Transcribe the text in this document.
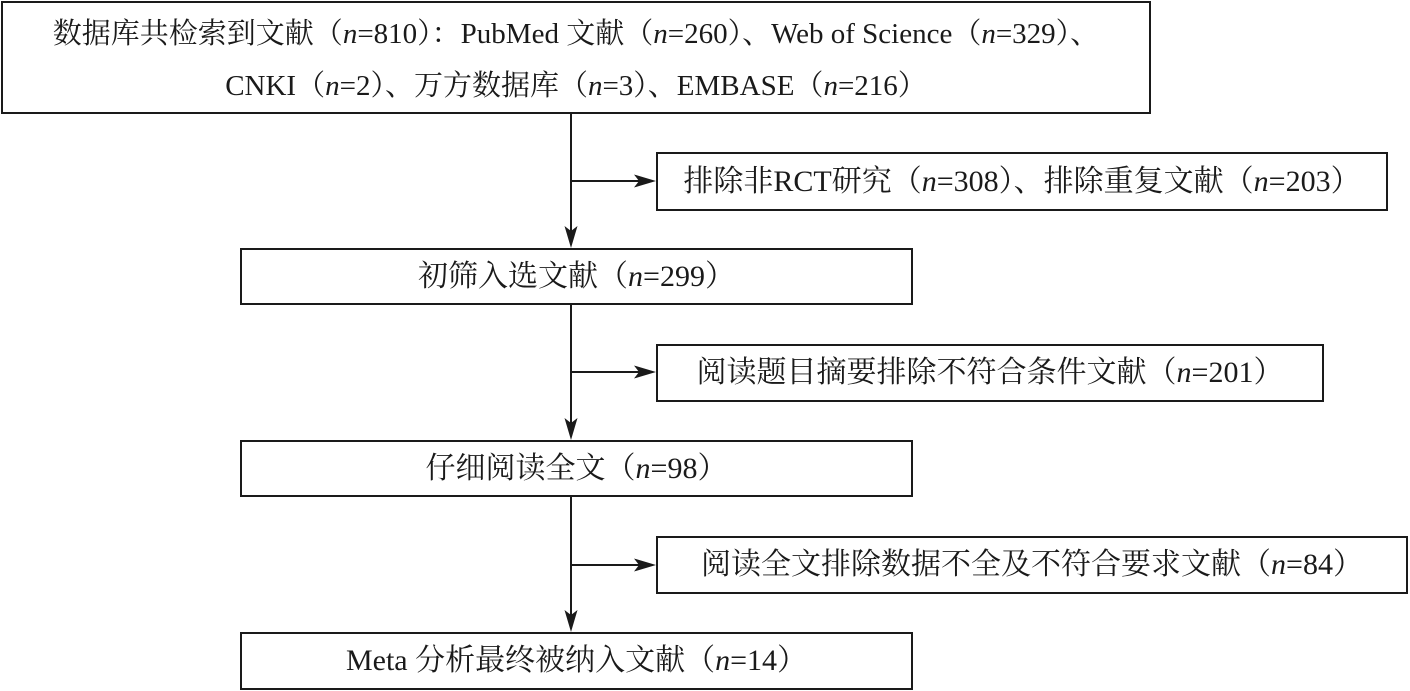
数据库共检索到文献（n=810）：PubMed 文献（n=260）、Web of Science（n=329）、
CNKI（n=2）、万方数据库（n=3）、EMBASE（n=216）
排除非RCT研究（n=308）、排除重复文献（n=203）
初筛入选文献（n=299）
阅读题目摘要排除不符合条件文献（n=201）
仔细阅读全文（n=98）
阅读全文排除数据不全及不符合要求文献（n=84）
Meta 分析最终被纳入文献（n=14）
